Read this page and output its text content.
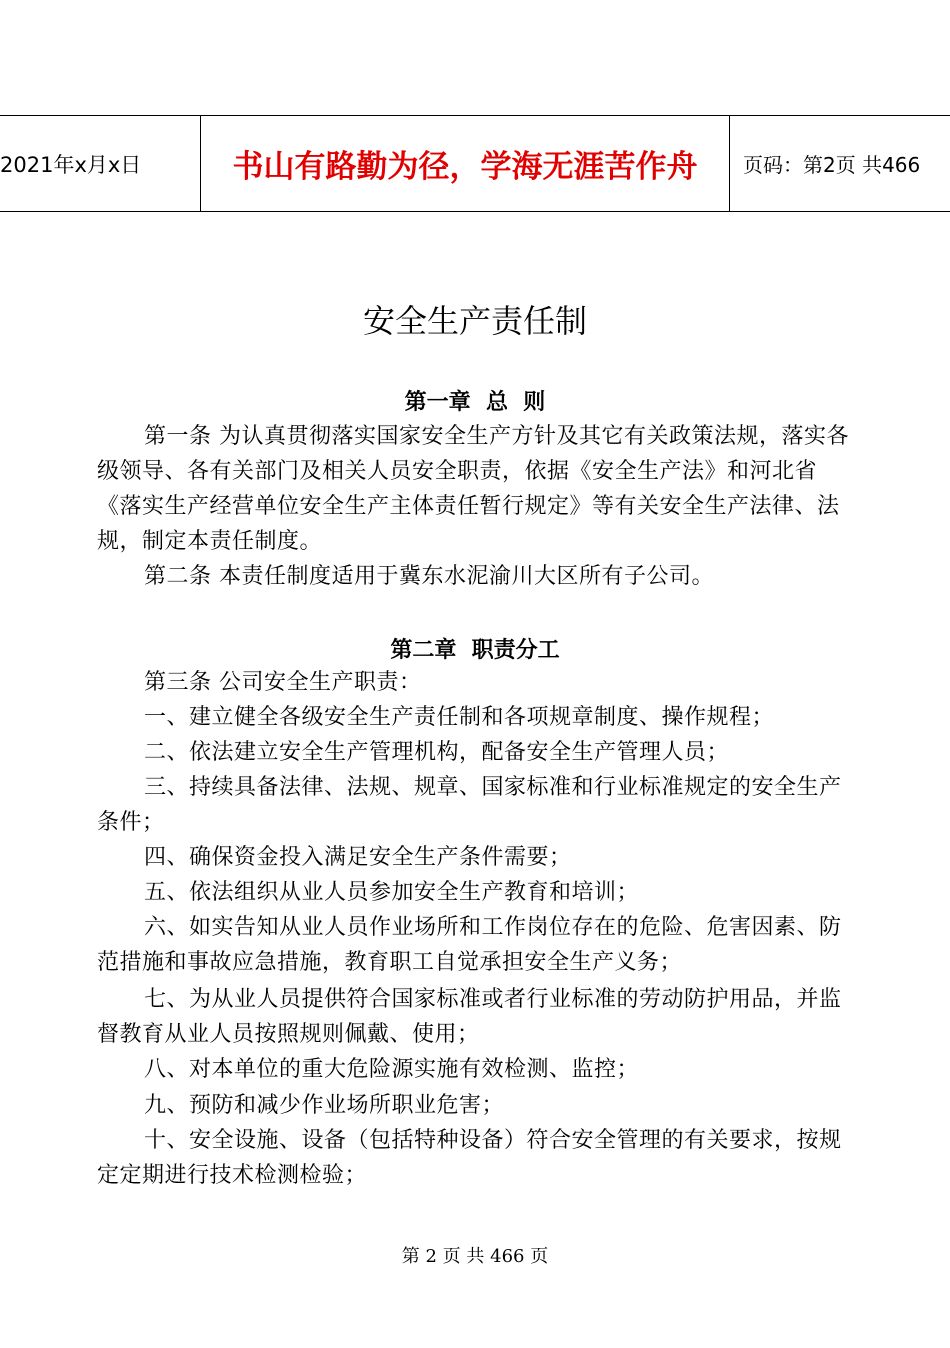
2021年x月x日	书山有路勤为径，学海无涯苦作舟	页码：第2页 共466
安全生产责任制
第一章  总  则

第一条 为认真贯彻落实国家安全生产方针及其它有关政策法规，落实各级领导、各有关部门及相关人员安全职责，依据《安全生产法》和河北省《落实生产经营单位安全生产主体责任暂行规定》等有关安全生产法律、法规，制定本责任制度。

第二条 本责任制度适用于冀东水泥渝川大区所有子公司。

第二章  职责分工

第三条 公司安全生产职责：

一、建立健全各级安全生产责任制和各项规章制度、操作规程；

二、依法建立安全生产管理机构，配备安全生产管理人员；

三、持续具备法律、法规、规章、国家标准和行业标准规定的安全生产条件；

四、确保资金投入满足安全生产条件需要；

五、依法组织从业人员参加安全生产教育和培训；

六、如实告知从业人员作业场所和工作岗位存在的危险、危害因素、防范措施和事故应急措施，教育职工自觉承担安全生产义务；

七、为从业人员提供符合国家标准或者行业标准的劳动防护用品，并监督教育从业人员按照规则佩戴、使用；

八、对本单位的重大危险源实施有效检测、监控；

九、预防和减少作业场所职业危害；

十、安全设施、设备（包括特种设备）符合安全管理的有关要求，按规定定期进行技术检测检验；

第 2 页 共 466 页
